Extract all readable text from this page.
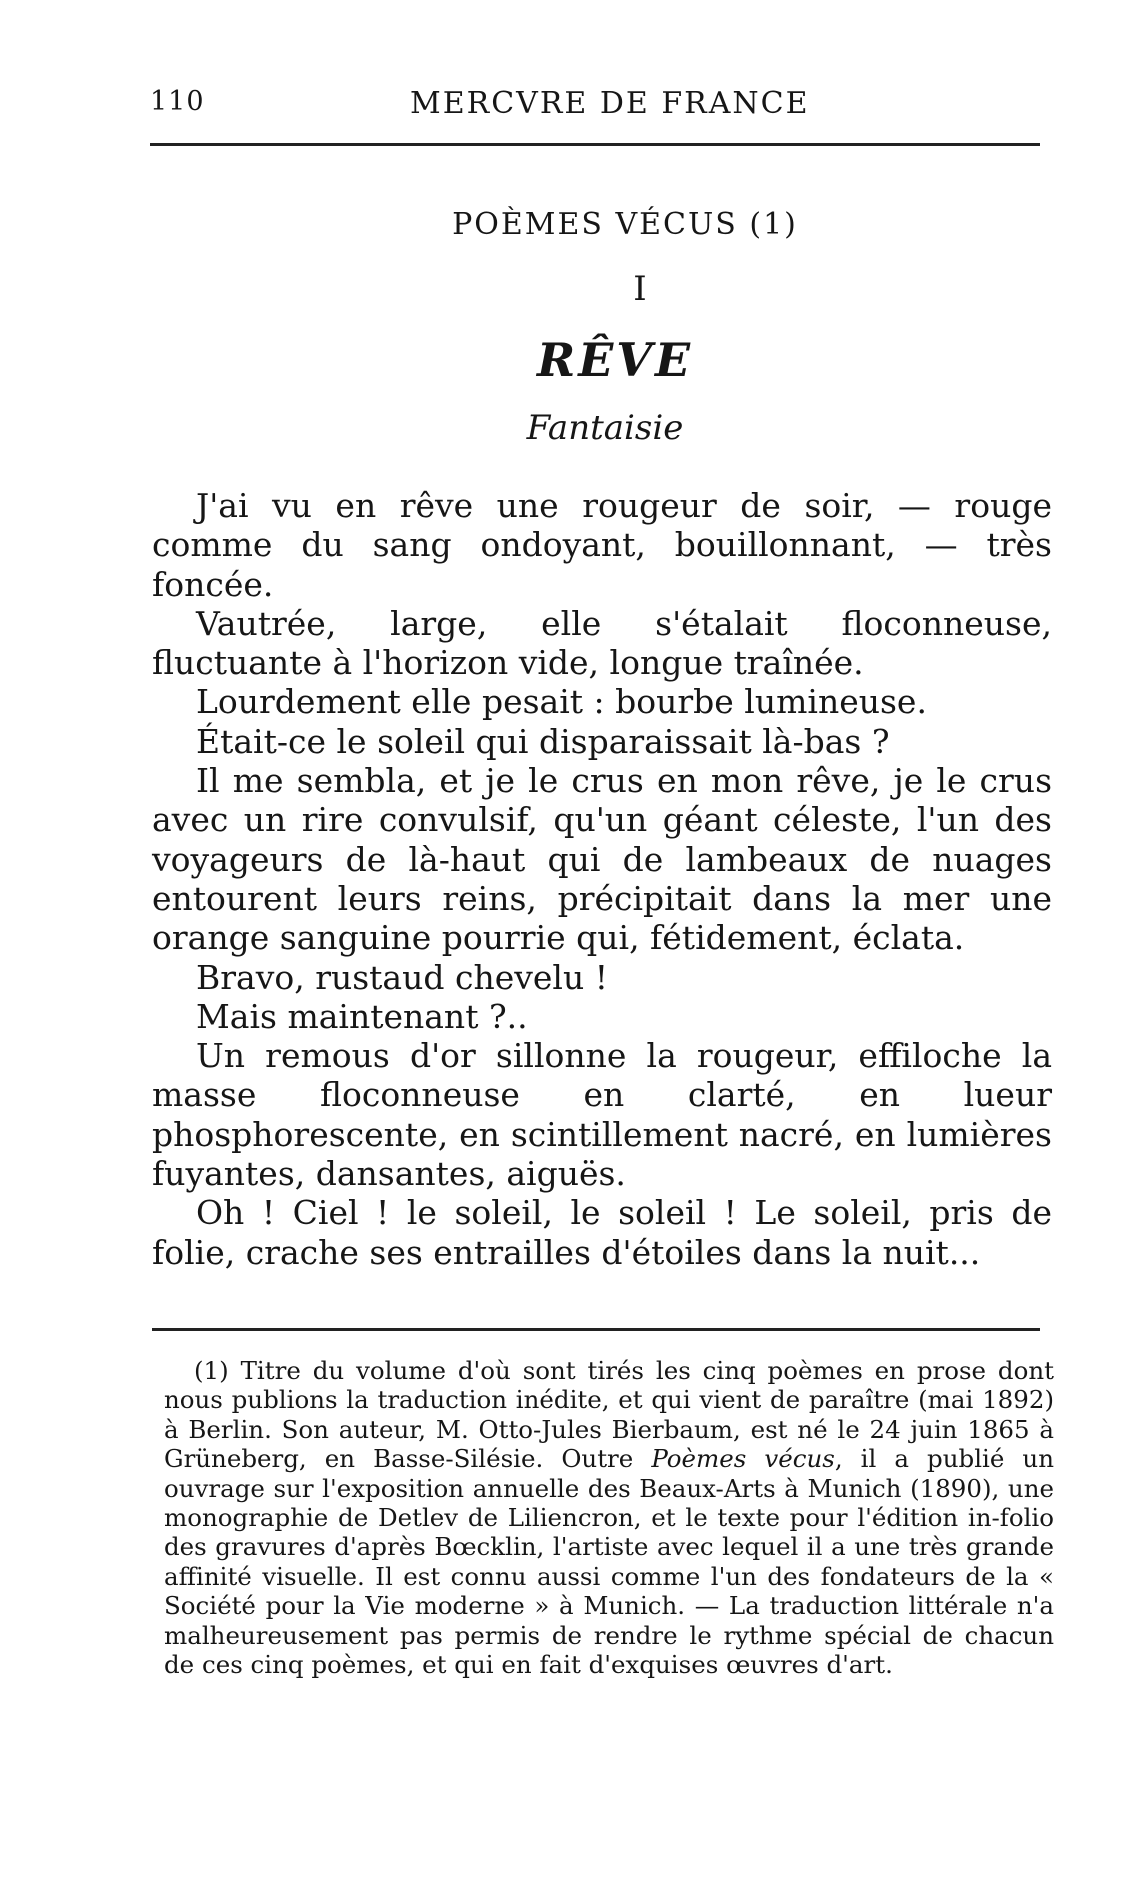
110	MERCVRE DE FRANCE
POÈMES VÉCUS (1)
I
RÊVE
Fantaisie

J'ai vu en rêve une rougeur de soir, — rouge comme du sang ondoyant, bouillonnant, — très foncée.

Vautrée, large, elle s'étalait floconneuse, fluctuante à l'horizon vide, longue traînée.

Lourdement elle pesait : bourbe lumineuse.

Était-ce le soleil qui disparaissait là-bas ?

Il me sembla, et je le crus en mon rêve, je le crus avec un rire convulsif, qu'un géant céleste, l'un des voyageurs de là-haut qui de lambeaux de nuages entourent leurs reins, précipitait dans la mer une orange sanguine pourrie qui, fétidement, éclata.

Bravo, rustaud chevelu !

Mais maintenant ?..

Un remous d'or sillonne la rougeur, effiloche la masse floconneuse en clarté, en lueur phosphorescente, en scintillement nacré, en lumières fuyantes, dansantes, aiguës.

Oh ! Ciel ! le soleil, le soleil ! Le soleil, pris de folie, crache ses entrailles d'étoiles dans la nuit...

(1) Titre du volume d'où sont tirés les cinq poèmes en prose dont nous publions la traduction inédite, et qui vient de paraître (mai 1892) à Berlin. Son auteur, M. Otto-Jules Bierbaum, est né le 24 juin 1865 à Grüneberg, en Basse-Silésie. Outre Poèmes vécus, il a publié un ouvrage sur l'exposition annuelle des Beaux-Arts à Munich (1890), une monographie de Detlev de Liliencron, et le texte pour l'édition in-folio des gravures d'après Bœcklin, l'artiste avec lequel il a une très grande affinité visuelle. Il est connu aussi comme l'un des fondateurs de la « Société pour la Vie moderne » à Munich. — La traduction littérale n'a malheureusement pas permis de rendre le rythme spécial de chacun de ces cinq poèmes, et qui en fait d'exquises œuvres d'art.
